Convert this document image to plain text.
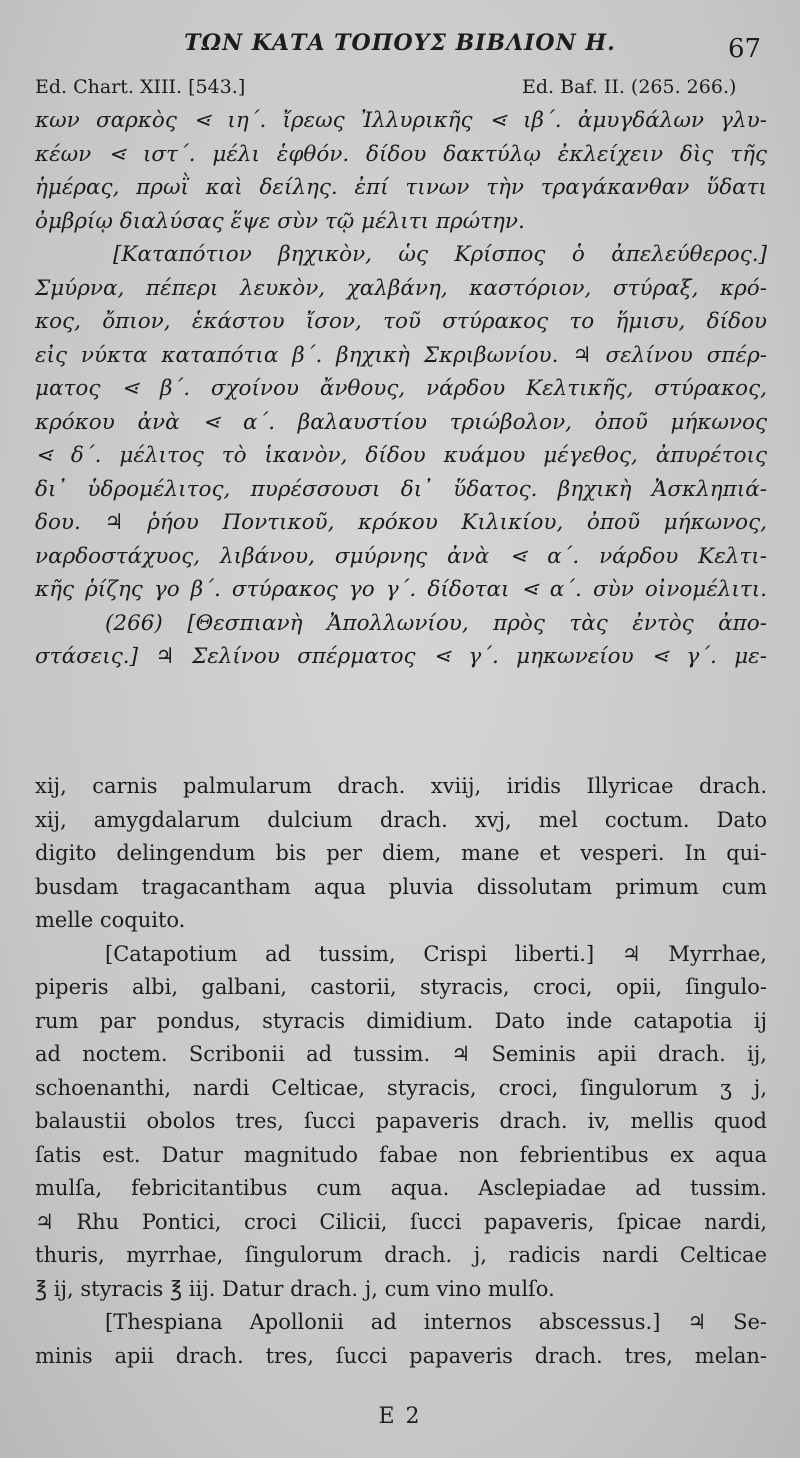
ΤΩΝ ΚΑΤΑ ΤΟΠΟΥΣ ΒΙΒΛΙΟΝ Η.	67
Ed. Chart. XIII. [543.]	Ed. Baf. II. (265. 266.)
κων σαρκὸς ⋖ ιη΄. ἴρεως Ἰλλυρικῆς ⋖ ιβ΄. ἀμυγδάλων γλυ-
κέων ⋖ ιστ΄. μέλι ἑφθόν. δίδου δακτύλῳ ἐκλείχειν δὶς τῆς
ἡμέρας, πρωῒ καὶ δείλης. ἐπί τινων τὴν τραγάκανθαν ὕδατι
ὀμβρίῳ διαλύσας ἕψε σὺν τῷ μέλιτι πρώτην.
[Καταπότιον βηχικὸν, ὡς Κρίσπος ὁ ἀπελεύθερος.]
Σμύρνα, πέπερι λευκὸν, χαλβάνη, καστόριον, στύραξ, κρό-
κος, ὄπιον, ἑκάστου ἴσον, τοῦ στύρακος το ἥμισυ, δίδου
εἰς νύκτα καταπότια β΄. βηχικὴ Σκριβωνίου. ♃ σελίνου σπέρ-
ματος ⋖ β΄. σχοίνου ἄνθους, νάρδου Κελτικῆς, στύρακος,
κρόκου ἀνὰ ⋖ α΄. βαλαυστίου τριώβολον, ὀποῦ μήκωνος
⋖ δ΄. μέλιτος τὸ ἱκανὸν, δίδου κυάμου μέγεθος, ἀπυρέτοις
δι᾽ ὑδρομέλιτος, πυρέσσουσι δι᾽ ὕδατος. βηχικὴ Ἀσκληπιά-
δου. ♃ ῥήου Ποντικοῦ, κρόκου Κιλικίου, ὀποῦ μήκωνος,
ναρδοστάχυος, λιβάνου, σμύρνης ἀνὰ ⋖ α΄. νάρδου Κελτι-
κῆς ῥίζης γο β΄. στύρακος γο γ΄. δίδοται ⋖ α΄. σὺν οἰνομέλιτι.
(266) [Θεσπιανὴ Ἀπολλωνίου, πρὸς τὰς ἐντὸς ἀπο-
στάσεις.] ♃ Σελίνου σπέρματος ⋖ γ΄. μηκωνείου ⋖ γ΄. με-
xij, carnis palmularum drach. xviij, iridis Illyricae drach.
xij, amygdalarum dulcium drach. xvj, mel coctum. Dato
digito delingendum bis per diem, mane et vesperi. In qui-
busdam tragacantham aqua pluvia dissolutam primum cum
melle coquito.
[Catapotium ad tussim, Crispi liberti.] ♃ Myrrhae,
piperis albi, galbani, castorii, styracis, croci, opii, ſingulo-
rum par pondus, styracis dimidium. Dato inde catapotia ij
ad noctem. Scribonii ad tussim. ♃ Seminis apii drach. ij,
schoenanthi, nardi Celticae, styracis, croci, ſingulorum ʒ j,
balaustii obolos tres, ſucci papaveris drach. iv, mellis quod
ſatis est. Datur magnitudo fabae non febrientibus ex aqua
mulſa, febricitantibus cum aqua. Asclepiadae ad tussim.
♃ Rhu Pontici, croci Cilicii, ſucci papaveris, ſpicae nardi,
thuris, myrrhae, ſingulorum drach. j, radicis nardi Celticae
℥ ij, styracis ℥ iij. Datur drach. j, cum vino mulſo.
[Thespiana Apollonii ad internos abscessus.] ♃ Se-
minis apii drach. tres, ſucci papaveris drach. tres, melan-
E 2
